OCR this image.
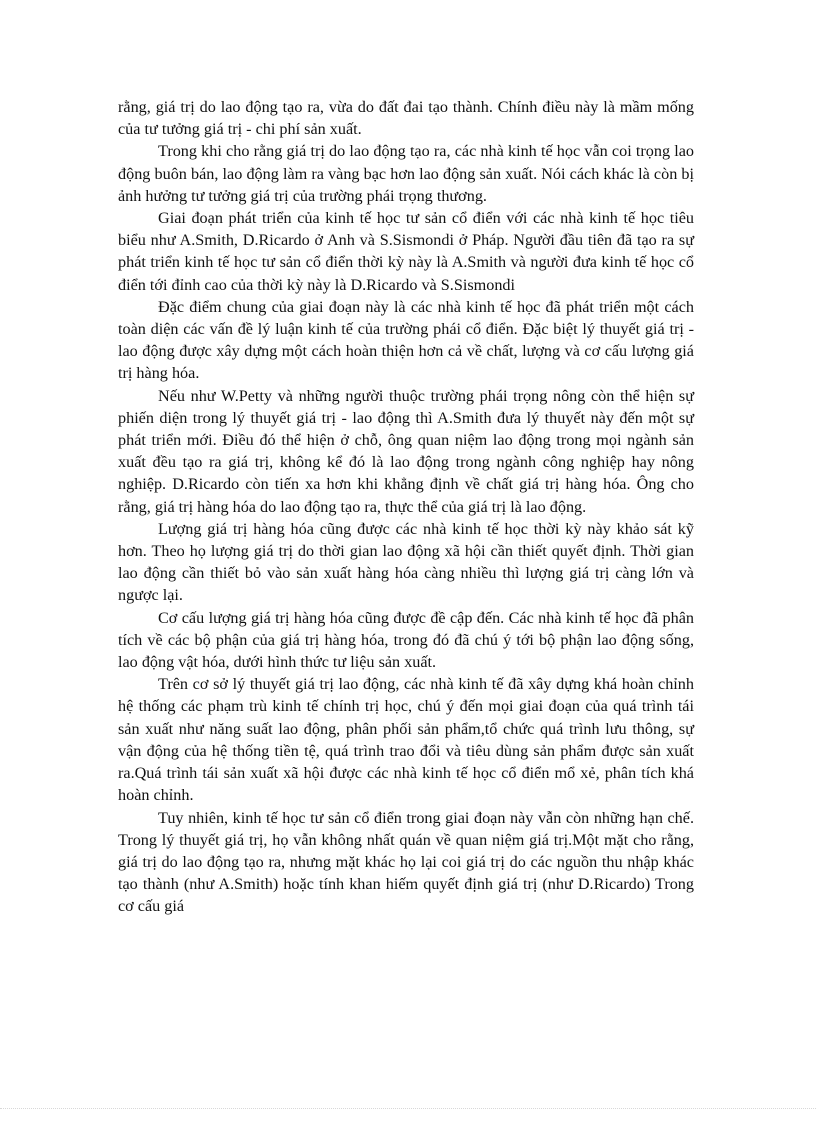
rằng, giá trị do lao động tạo ra, vừa do đất đai tạo thành. Chính điều này là mầm mống của tư tưởng giá trị - chi phí sản xuất.

Trong khi cho rằng giá trị do lao động tạo ra, các nhà kinh tế học vẫn coi trọng lao động buôn bán, lao động làm ra vàng bạc hơn lao động sản xuất. Nói cách khác là còn bị ảnh hưởng tư tưởng giá trị của trường phái trọng thương.

Giai đoạn phát triển của kinh tế học tư sản cổ điển với các nhà kinh tế học tiêu biểu như A.Smith, D.Ricardo ở Anh và S.Sismondi ở Pháp. Người đầu tiên đã tạo ra sự phát triển kinh tế học tư sản cổ điển thời kỳ này là A.Smith và người đưa kinh tế học cổ điển tới đỉnh cao của thời kỳ này là D.Ricardo và S.Sismondi

Đặc điểm chung của giai đoạn này là các nhà kinh tế học đã phát triển một cách toàn diện các vấn đề lý luận kinh tế của trường phái cổ điển. Đặc biệt lý thuyết giá trị - lao động được xây dựng một cách hoàn thiện hơn cả về chất, lượng và cơ cấu lượng giá trị hàng hóa.

Nếu như W.Petty và những người thuộc trường phái trọng nông còn thể hiện sự phiến diện trong lý thuyết giá trị - lao động thì A.Smith đưa lý thuyết này đến một sự phát triển mới. Điều đó thể hiện ở chỗ, ông quan niệm lao động trong mọi ngành sản xuất đều tạo ra giá trị, không kể đó là lao động trong ngành công nghiệp hay nông nghiệp. D.Ricardo còn tiến xa hơn khi khẳng định về chất giá trị hàng hóa. Ông cho rằng, giá trị hàng hóa do lao động tạo ra, thực thể của giá trị là lao động.

Lượng giá trị hàng hóa cũng được các nhà kinh tế học thời kỳ này khảo sát kỹ hơn. Theo họ lượng giá trị do thời gian lao động xã hội cần thiết quyết định. Thời gian lao động cần thiết bỏ vào sản xuất hàng hóa càng nhiều thì lượng giá trị càng lớn và ngược lại.

Cơ cấu lượng giá trị hàng hóa cũng được đề cập đến. Các nhà kinh tế học đã phân tích về các bộ phận của giá trị hàng hóa, trong đó đã chú ý tới bộ phận lao động sống, lao động vật hóa, dưới hình thức tư liệu sản xuất.

Trên cơ sở lý thuyết giá trị lao động, các nhà kinh tế đã xây dựng khá hoàn chỉnh hệ thống các phạm trù kinh tế chính trị học, chú ý đến mọi giai đoạn của quá trình tái sản xuất như năng suất lao động, phân phối sản phẩm,tổ chức quá trình lưu thông, sự vận động của hệ thống tiền tệ, quá trình trao đổi và tiêu dùng sản phẩm được sản xuất ra.Quá trình tái sản xuất xã hội được các nhà kinh tế học cổ điển mổ xẻ, phân tích khá hoàn chỉnh.

Tuy nhiên, kinh tế học tư sản cổ điển trong giai đoạn này vẫn còn những hạn chế. Trong lý thuyết giá trị, họ vẫn không nhất quán về quan niệm giá trị.Một mặt cho rằng, giá trị do lao động tạo ra, nhưng mặt khác họ lại coi giá trị do các nguồn thu nhập khác tạo thành (như A.Smith) hoặc tính khan hiếm quyết định giá trị (như D.Ricardo) Trong cơ cấu giá
